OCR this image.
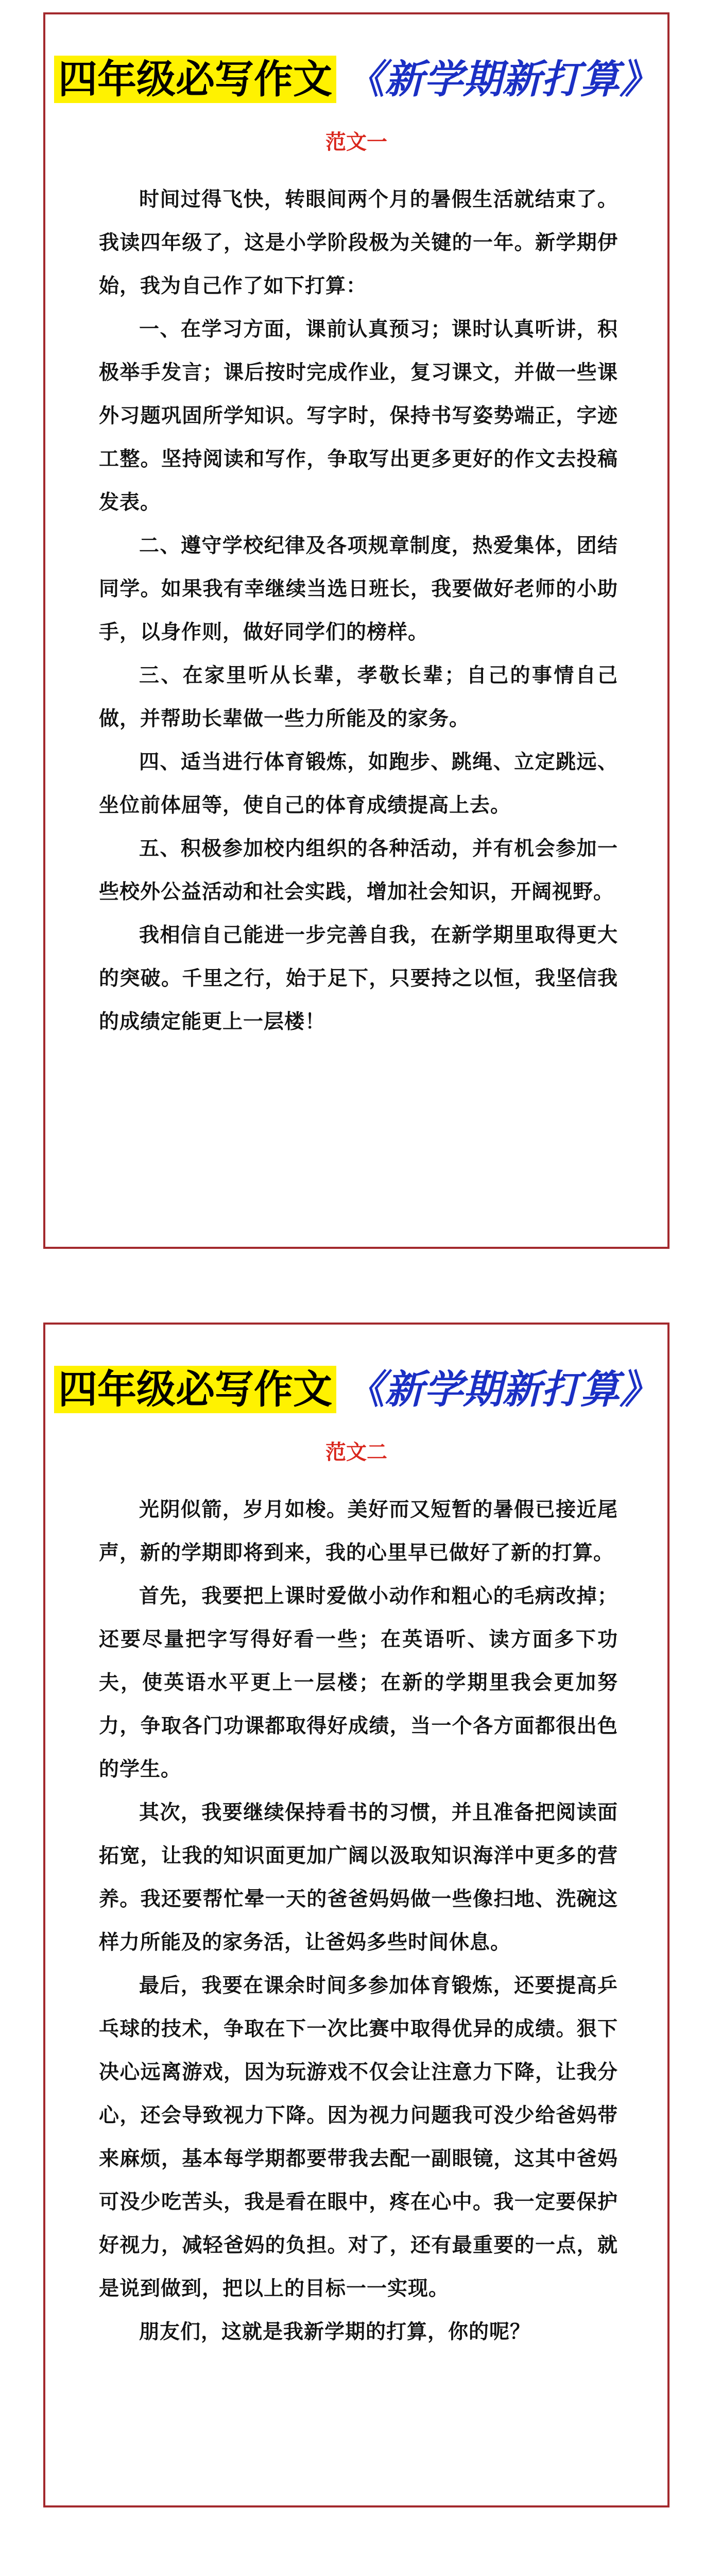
四年级必写作文 《新学期新打算》
范文一

时间过得飞快，转眼间两个月的暑假生活就结束了。我读四年级了，这是小学阶段极为关键的一年。新学期伊始，我为自己作了如下打算：

一、在学习方面，课前认真预习；课时认真听讲，积极举手发言；课后按时完成作业，复习课文，并做一些课外习题巩固所学知识。写字时，保持书写姿势端正，字迹工整。坚持阅读和写作，争取写出更多更好的作文去投稿发表。

二、遵守学校纪律及各项规章制度，热爱集体，团结同学。如果我有幸继续当选日班长，我要做好老师的小助手，以身作则，做好同学们的榜样。

三、在家里听从长辈，孝敬长辈；自己的事情自己做，并帮助长辈做一些力所能及的家务。

四、适当进行体育锻炼，如跑步、跳绳、立定跳远、坐位前体屈等，使自己的体育成绩提高上去。

五、积极参加校内组织的各种活动，并有机会参加一些校外公益活动和社会实践，增加社会知识，开阔视野。

我相信自己能进一步完善自我，在新学期里取得更大的突破。千里之行，始于足下，只要持之以恒，我坚信我的成绩定能更上一层楼！

四年级必写作文 《新学期新打算》
范文二

光阴似箭，岁月如梭。美好而又短暂的暑假已接近尾声，新的学期即将到来，我的心里早已做好了新的打算。

首先，我要把上课时爱做小动作和粗心的毛病改掉；还要尽量把字写得好看一些；在英语听、读方面多下功夫，使英语水平更上一层楼；在新的学期里我会更加努力，争取各门功课都取得好成绩，当一个各方面都很出色的学生。

其次，我要继续保持看书的习惯，并且准备把阅读面拓宽，让我的知识面更加广阔以汲取知识海洋中更多的营养。我还要帮忙晕一天的爸爸妈妈做一些像扫地、洗碗这样力所能及的家务活，让爸妈多些时间休息。

最后，我要在课余时间多参加体育锻炼，还要提高乒乓球的技术，争取在下一次比赛中取得优异的成绩。狠下决心远离游戏，因为玩游戏不仅会让注意力下降，让我分心，还会导致视力下降。因为视力问题我可没少给爸妈带来麻烦，基本每学期都要带我去配一副眼镜，这其中爸妈可没少吃苦头，我是看在眼中，疼在心中。我一定要保护好视力，减轻爸妈的负担。对了，还有最重要的一点，就是说到做到，把以上的目标一一实现。

朋友们，这就是我新学期的打算，你的呢？
